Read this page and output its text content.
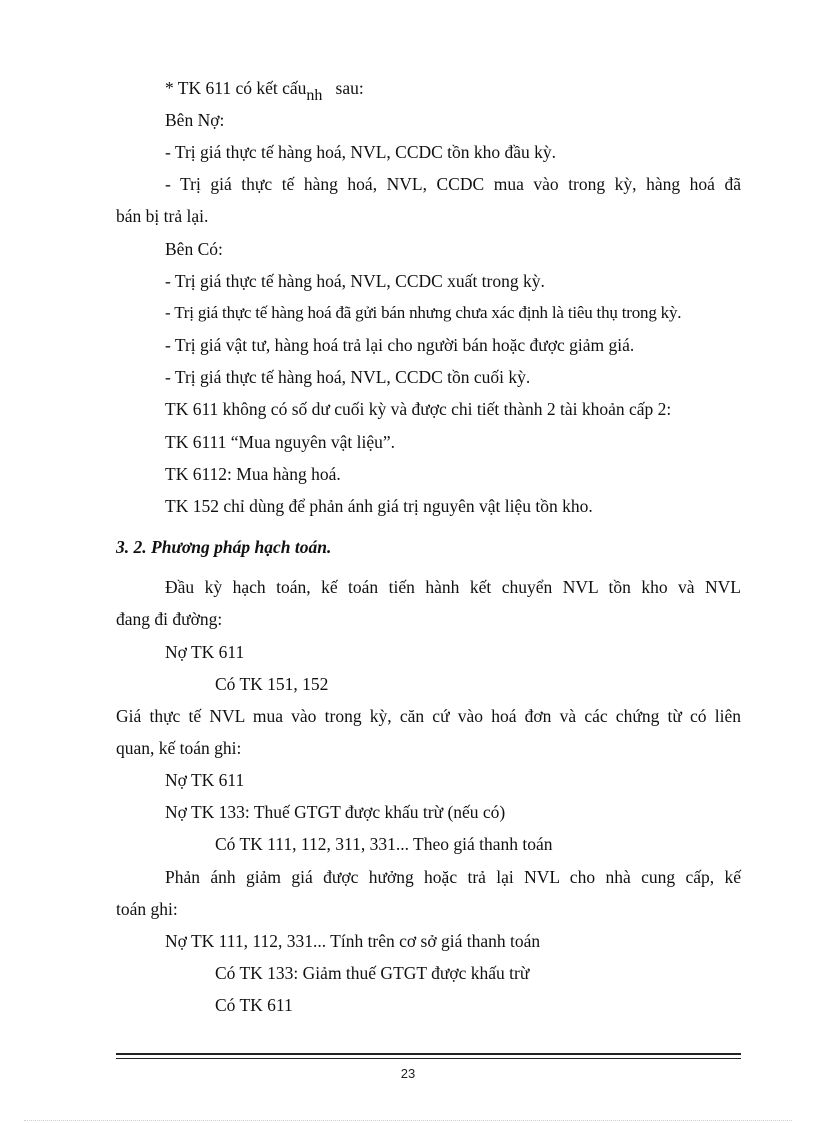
* TK 611 có kết cấunh sau:
Bên Nợ:
- Trị giá thực tế hàng hoá, NVL, CCDC tồn kho đầu kỳ.
- Trị giá thực tế hàng hoá, NVL, CCDC mua vào trong kỳ, hàng hoá đã
bán bị trả lại.
Bên Có:
- Trị giá thực tế hàng hoá, NVL, CCDC xuất trong kỳ.
- Trị giá thực tế hàng hoá đã gửi bán nhưng chưa xác định là tiêu thụ trong kỳ.
- Trị giá vật tư, hàng hoá trả lại cho người bán hoặc được giảm giá.
- Trị giá thực tế hàng hoá, NVL, CCDC tồn cuối kỳ.
TK 611 không có số dư cuối kỳ và được chi tiết thành 2 tài khoản cấp 2:
TK 6111 “Mua nguyên vật liệu”.
TK 6112: Mua hàng hoá.
TK 152 chỉ dùng để phản ánh giá trị nguyên vật liệu tồn kho.
3. 2. Phương pháp hạch toán.
Đầu kỳ hạch toán, kế toán tiến hành kết chuyển NVL tồn kho và NVL
đang đi đường:
Nợ TK 611
Có TK 151, 152
Giá thực tế NVL mua vào trong kỳ, căn cứ vào hoá đơn và các chứng từ có liên
quan, kế toán ghi:
Nợ TK 611
Nợ TK 133: Thuế GTGT được khấu trừ (nếu có)
Có TK 111, 112, 311, 331... Theo giá thanh toán
Phản ánh giảm giá được hưởng hoặc trả lại NVL cho nhà cung cấp, kế
toán ghi:
Nợ TK 111, 112, 331... Tính trên cơ sở giá thanh toán
Có TK 133: Giảm thuế GTGT được khấu trừ
Có TK 611
23
